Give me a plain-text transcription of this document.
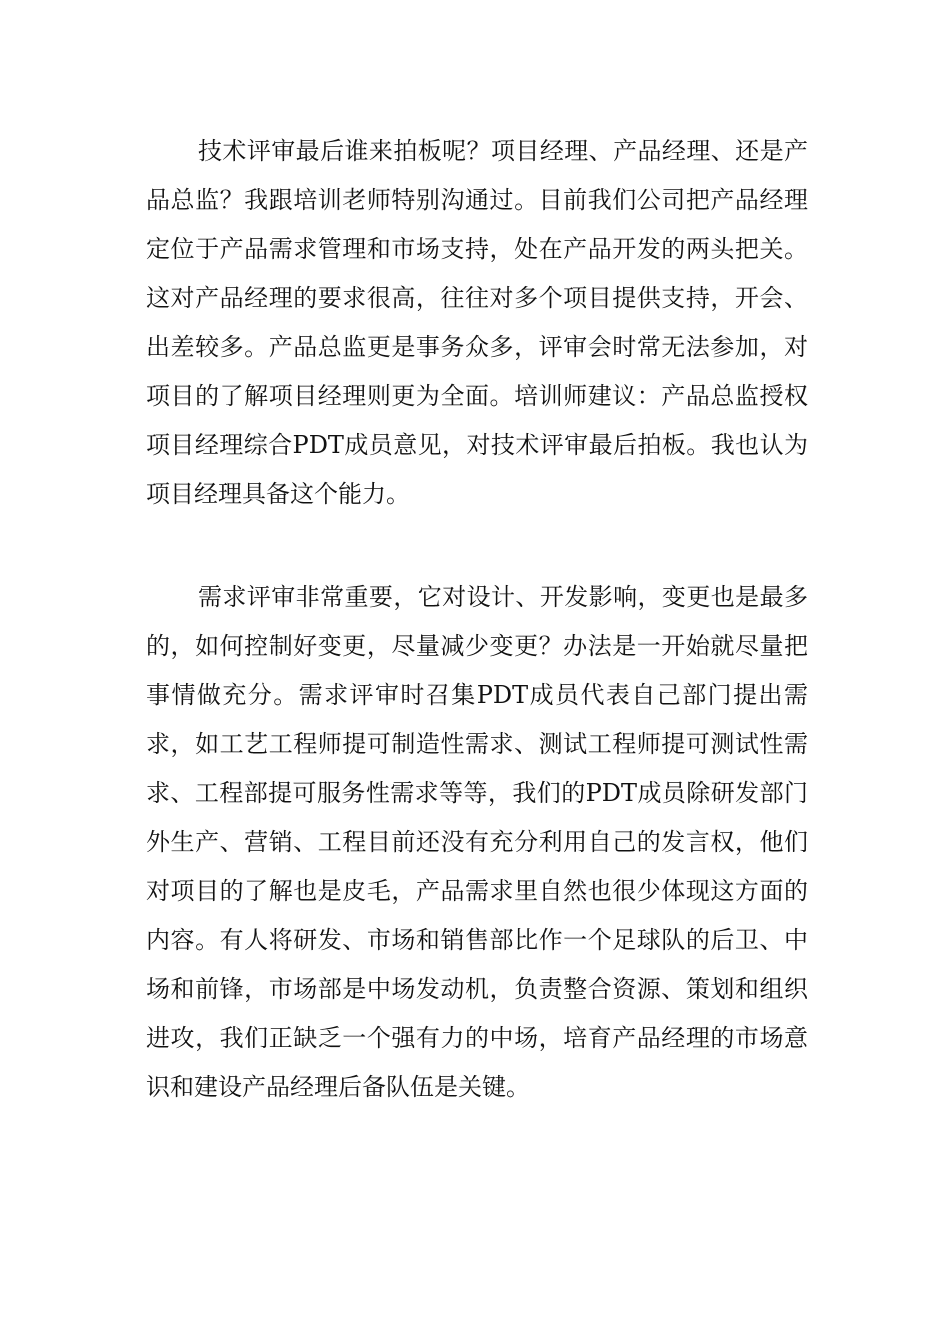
技术评审最后谁来拍板呢？项目经理、产品经理、还是产品总监？我跟培训老师特别沟通过。目前我们公司把产品经理定位于产品需求管理和市场支持，处在产品开发的两头把关。这对产品经理的要求很高，往往对多个项目提供支持，开会、出差较多。产品总监更是事务众多，评审会时常无法参加，对项目的了解项目经理则更为全面。培训师建议：产品总监授权项目经理综合PDT成员意见，对技术评审最后拍板。我也认为项目经理具备这个能力。

需求评审非常重要，它对设计、开发影响，变更也是最多的，如何控制好变更，尽量减少变更？办法是一开始就尽量把事情做充分。需求评审时召集PDT成员代表自己部门提出需求，如工艺工程师提可制造性需求、测试工程师提可测试性需求、工程部提可服务性需求等等，我们的PDT成员除研发部门外生产、营销、工程目前还没有充分利用自己的发言权，他们对项目的了解也是皮毛，产品需求里自然也很少体现这方面的内容。有人将研发、市场和销售部比作一个足球队的后卫、中场和前锋，市场部是中场发动机，负责整合资源、策划和组织进攻，我们正缺乏一个强有力的中场，培育产品经理的市场意识和建设产品经理后备队伍是关键。
